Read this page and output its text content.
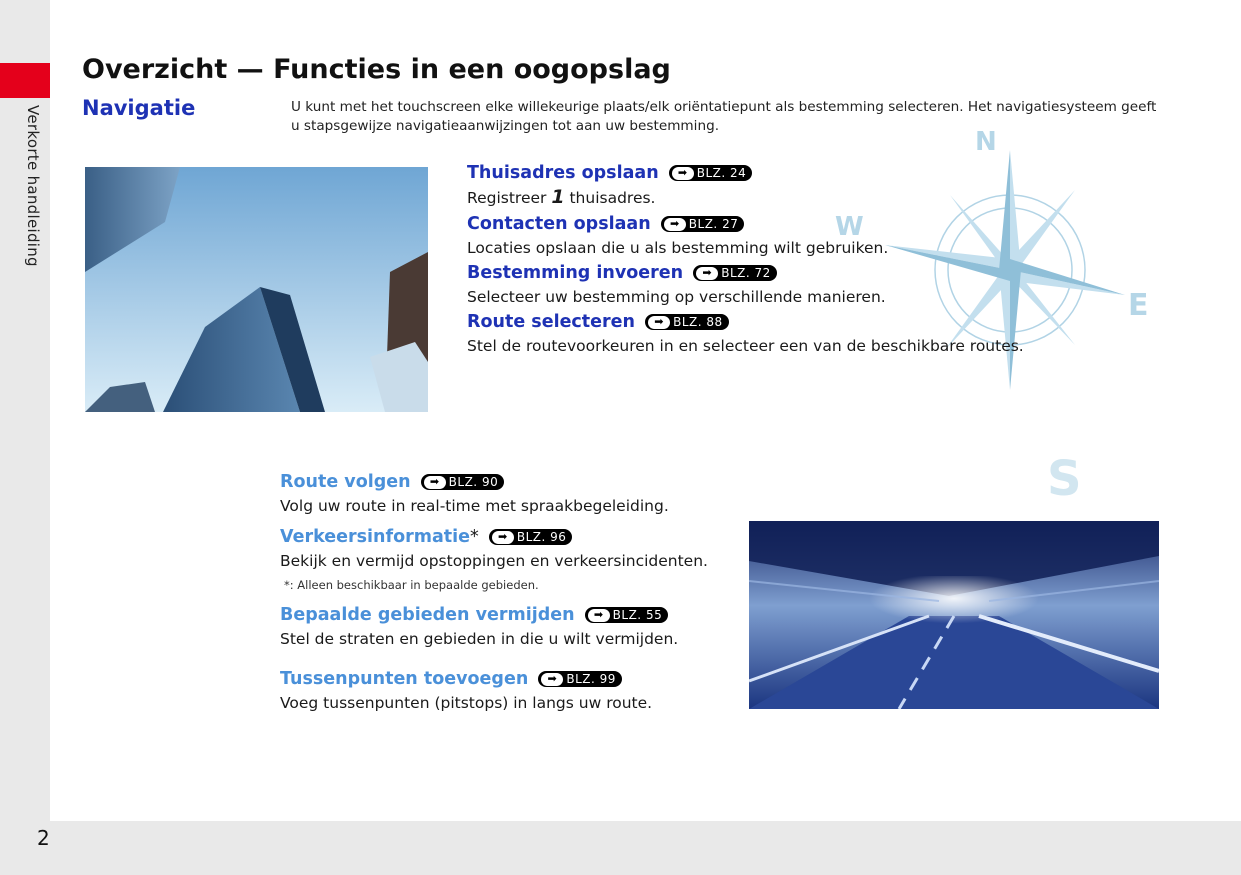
Verkorte handleiding
2
Overzicht — Functies in een oogopslag
Navigatie	U kunt met het touchscreen elke willekeurige plaats/elk oriëntatiepunt als bestemming selecteren. Het navigatiesysteem geeft u stapsgewijze navigatieaanwijzingen tot aan uw bestemming.
N
W
E
S
Thuisadres opslaan	➡ BLZ. 24
Registreer 1 thuisadres.
Contacten opslaan	➡ BLZ. 27
Locaties opslaan die u als bestemming wilt gebruiken.
Bestemming invoeren	➡ BLZ. 72
Selecteer uw bestemming op verschillende manieren.
Route selecteren	➡ BLZ. 88
Stel de routevoorkeuren in en selecteer een van de beschikbare routes.
Route volgen	➡ BLZ. 90
Volg uw route in real-time met spraakbegeleiding.
Verkeersinformatie*	➡ BLZ. 96
Bekijk en vermijd opstoppingen en verkeersincidenten.
*: Alleen beschikbaar in bepaalde gebieden.
Bepaalde gebieden vermijden	➡ BLZ. 55
Stel de straten en gebieden in die u wilt vermijden.
Tussenpunten toevoegen	➡ BLZ. 99
Voeg tussenpunten (pitstops) in langs uw route.
